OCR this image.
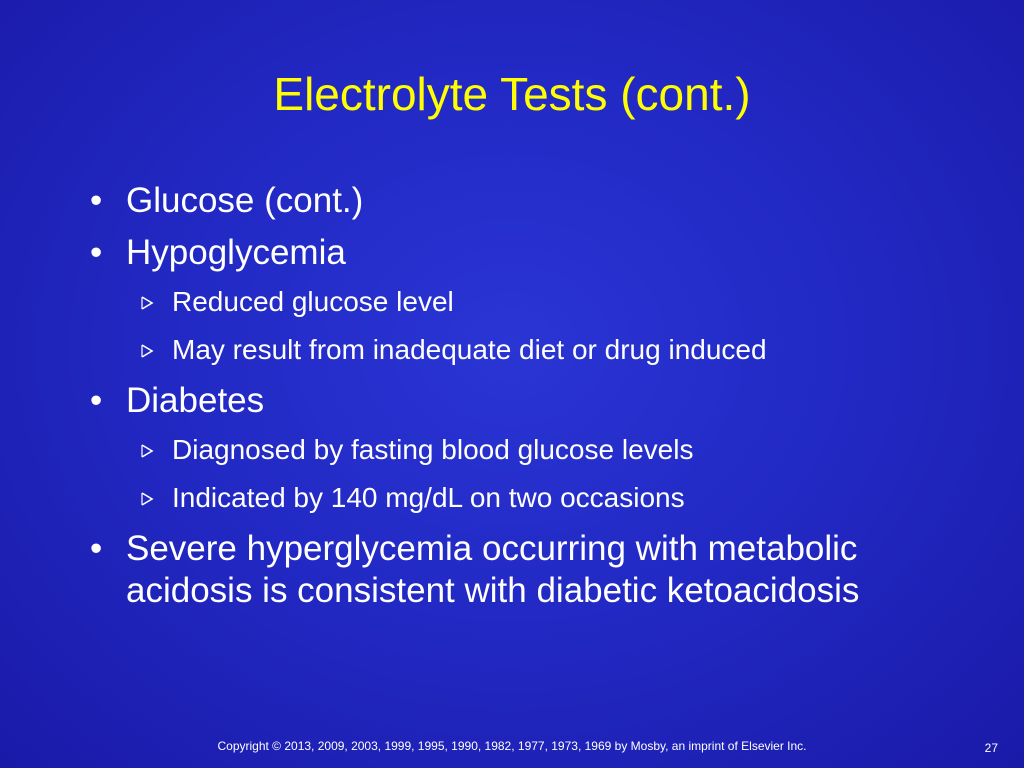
Electrolyte Tests (cont.)
• Glucose (cont.)
• Hypoglycemia
Reduced glucose level
May result from inadequate diet or drug induced
• Diabetes
Diagnosed by fasting blood glucose levels
Indicated by 140 mg/dL on two occasions
• Severe hyperglycemia occurring with metabolic acidosis is consistent with diabetic ketoacidosis
Copyright © 2013, 2009, 2003, 1999, 1995, 1990, 1982, 1977, 1973, 1969 by Mosby, an imprint of Elsevier Inc.	27
